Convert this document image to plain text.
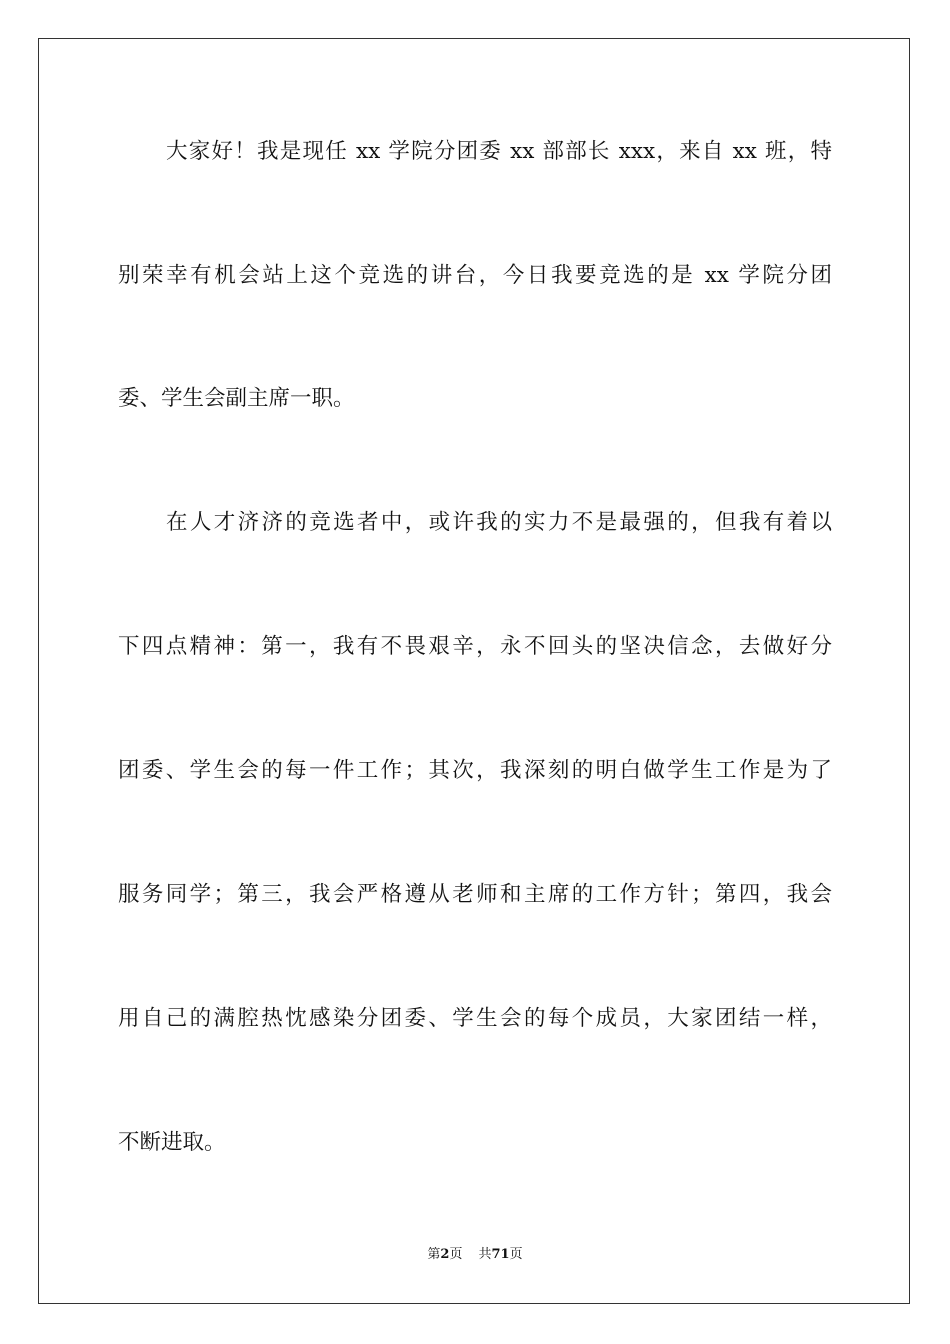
大家好！我是现任 xx 学院分团委 xx 部部长 xxx，来自 xx 班，特
别荣幸有机会站上这个竞选的讲台，今日我要竞选的是 xx 学院分团
委、学生会副主席一职。
在人才济济的竞选者中，或许我的实力不是最强的，但我有着以
下四点精神：第一，我有不畏艰辛，永不回头的坚决信念，去做好分
团委、学生会的每一件工作；其次，我深刻的明白做学生工作是为了
服务同学；第三，我会严格遵从老师和主席的工作方针；第四，我会
用自己的满腔热忱感染分团委、学生会的每个成员，大家团结一样，
不断进取。
第2页 共71页
